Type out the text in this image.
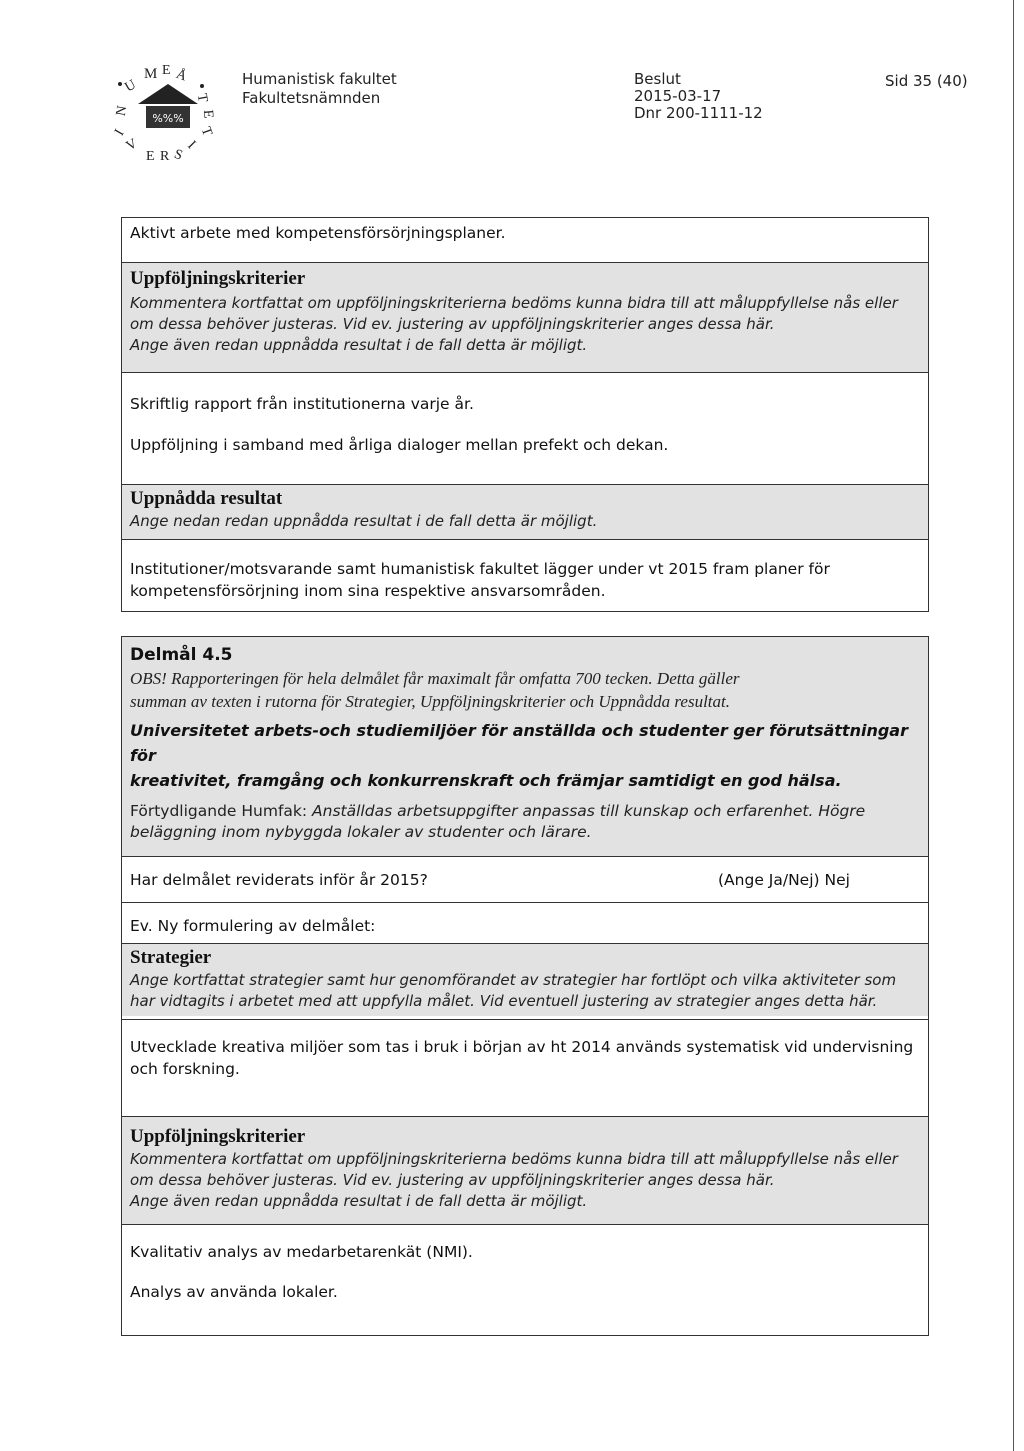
%%%
U
M E Å
N
I
V
E R S
I
T
E
T
Humanistisk fakultet
Fakultetsnämnden
Beslut
2015-03-17
Dnr 200-1111-12
Sid 35 (40)
Aktivt arbete med kompetensförsörjningsplaner.
Uppföljningskriterier
Kommentera kortfattat om uppföljningskriterierna bedöms kunna bidra till att måluppfyllelse nås eller
om dessa behöver justeras. Vid ev. justering av uppföljningskriterier anges dessa här.
Ange även redan uppnådda resultat i de fall detta är möjligt.
Skriftlig rapport från institutionerna varje år.
Uppföljning i samband med årliga dialoger mellan prefekt och dekan.
Uppnådda resultat
Ange nedan redan uppnådda resultat i de fall detta är möjligt.
Institutioner/motsvarande samt humanistisk fakultet lägger under vt 2015 fram planer för
kompetensförsörjning inom sina respektive ansvarsområden.
Delmål 4.5
OBS! Rapporteringen för hela delmålet får maximalt får omfatta 700 tecken. Detta gäller
summan av texten i rutorna för Strategier, Uppföljningskriterier och Uppnådda resultat.
Universitetet arbets-och studiemiljöer för anställda och studenter ger förutsättningar för
kreativitet, framgång och konkurrenskraft och främjar samtidigt en god hälsa.
Förtydligande Humfak: Anställdas arbetsuppgifter anpassas till kunskap och erfarenhet. Högre
beläggning inom nybyggda lokaler av studenter och lärare.
Har delmålet reviderats inför år 2015?	(Ange Ja/Nej) Nej
Ev. Ny formulering av delmålet:
Strategier
Ange kortfattat strategier samt hur genomförandet av strategier har fortlöpt och vilka aktiviteter som
har vidtagits i arbetet med att uppfylla målet. Vid eventuell justering av strategier anges detta här.
Utvecklade kreativa miljöer som tas i bruk i början av ht 2014 används systematisk vid undervisning
och forskning.
Uppföljningskriterier
Kommentera kortfattat om uppföljningskriterierna bedöms kunna bidra till att måluppfyllelse nås eller
om dessa behöver justeras. Vid ev. justering av uppföljningskriterier anges dessa här.
Ange även redan uppnådda resultat i de fall detta är möjligt.
Kvalitativ analys av medarbetarenkät (NMI).
Analys av använda lokaler.
